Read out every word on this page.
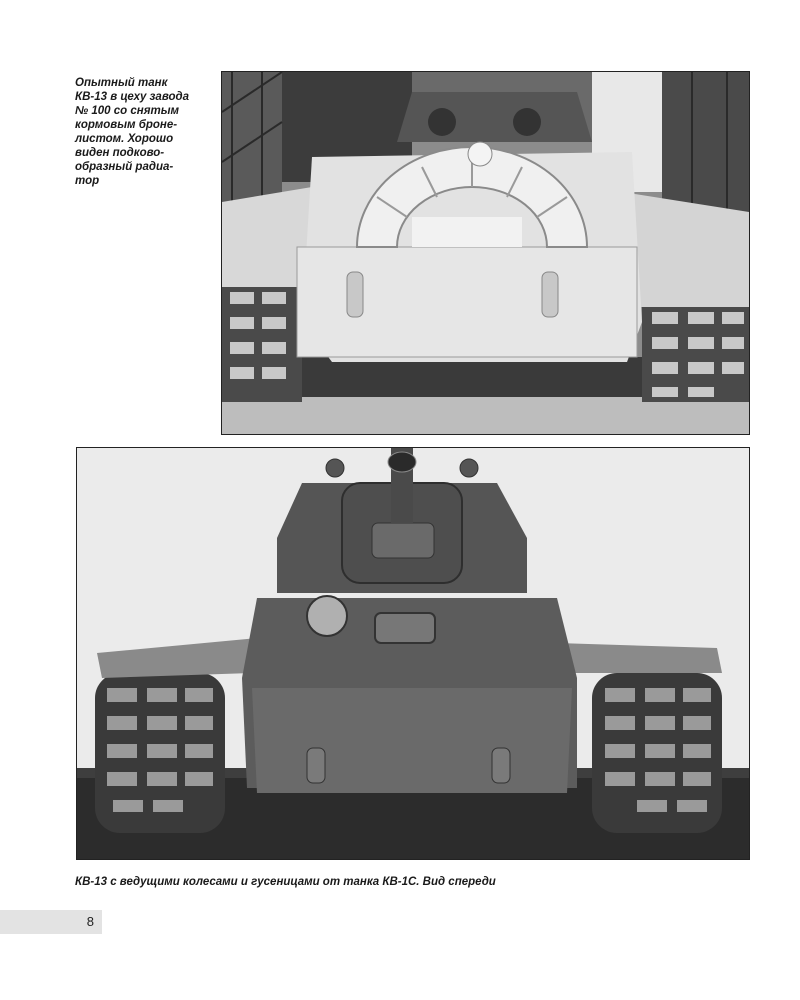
Опытный танк
КВ-13 в цеху завода
№ 100 со снятым
кормовым броне-
листом. Хорошо
виден подково-
образный радиа-
тор
КВ-13 с ведущими колесами и гусеницами от танка КВ-1С. Вид спереди
8
